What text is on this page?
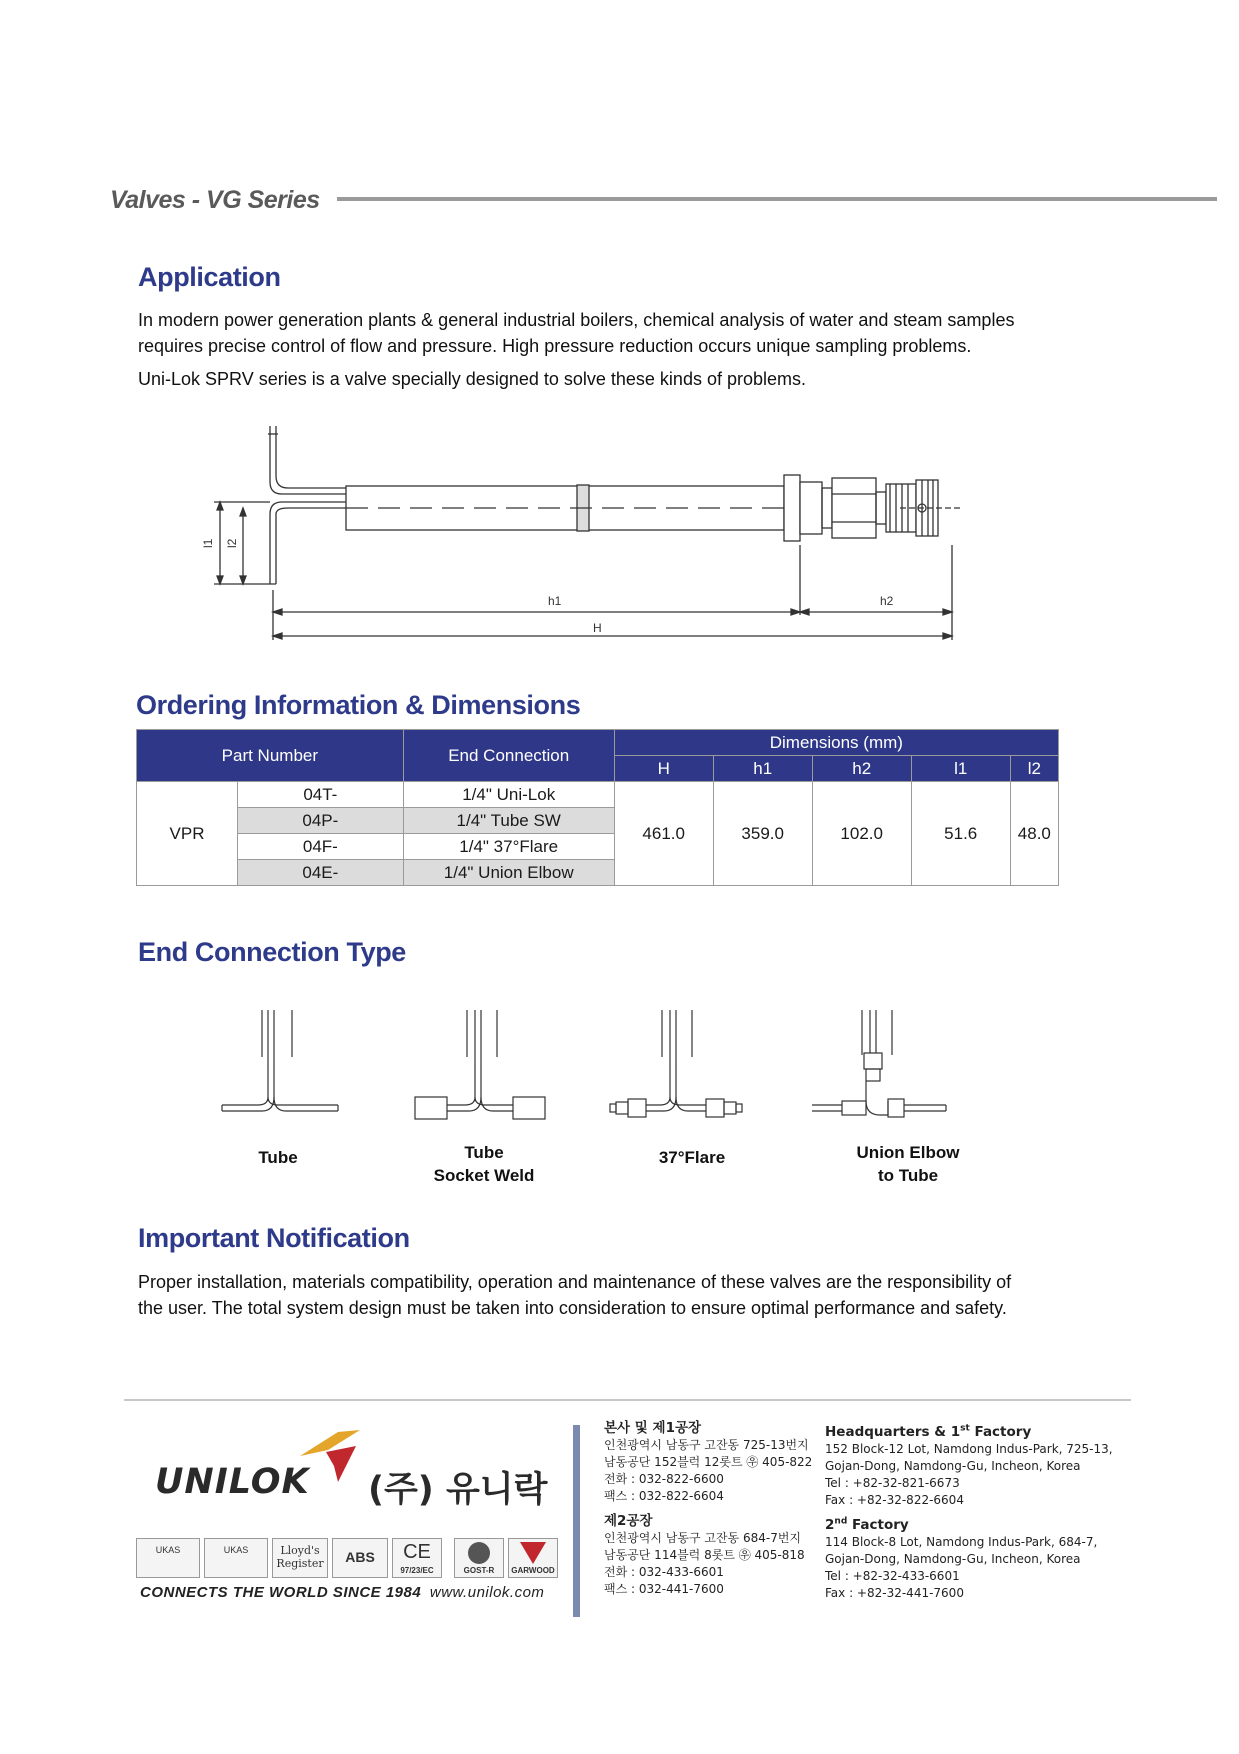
Valves - VG Series
Application
In modern power generation plants & general industrial boilers, chemical analysis of water and steam samples
requires precise control of flow and pressure. High pressure reduction occurs unique sampling problems.
Uni-Lok SPRV series is a valve specially designed to solve these kinds of problems.
l1 l2
h1	h2
H
Ordering Information & Dimensions
Part Number		End Connection	Dimensions (mm)				
			H	h1	h2	l1	l2
VPR	04T-	1/4" Uni-Lok	461.0	359.0	102.0	51.6	48.0
	04P-	1/4" Tube SW					
	04F-	1/4" 37°Flare					
	04E-	1/4" Union Elbow					
End Connection Type
Tube	Tube
Socket Weld
37°Flare	Union Elbow
to Tube
Important Notification
Proper installation, materials compatibility, operation and maintenance of these valves are the responsibility of
the user. The total system design must be taken into consideration to ensure optimal performance and safety.
UNILOK (주) 유니락
UKAS	UKAS	Lloyd's Register	ABS	CE
97/23/EC	GOST-R	GARWOOD
CONNECTS THE WORLD SINCE 1984 www.unilok.com
본사 및 제1공장
인천광역시 남동구 고잔동 725-13번지
남동공단 152블럭 12롯트 ㉾ 405-822
전화 : 032-822-6600
팩스 : 032-822-6604
제2공장
인천광역시 남동구 고잔동 684-7번지
남동공단 114블럭 8롯트 ㉾ 405-818
전화 : 032-433-6601
팩스 : 032-441-7600
Headquarters & 1st Factory
152 Block-12 Lot, Namdong Indus-Park, 725-13,
Gojan-Dong, Namdong-Gu, Incheon, Korea
Tel : +82-32-821-6673
Fax : +82-32-822-6604
2nd Factory
114 Block-8 Lot, Namdong Indus-Park, 684-7,
Gojan-Dong, Namdong-Gu, Incheon, Korea
Tel : +82-32-433-6601
Fax : +82-32-441-7600
